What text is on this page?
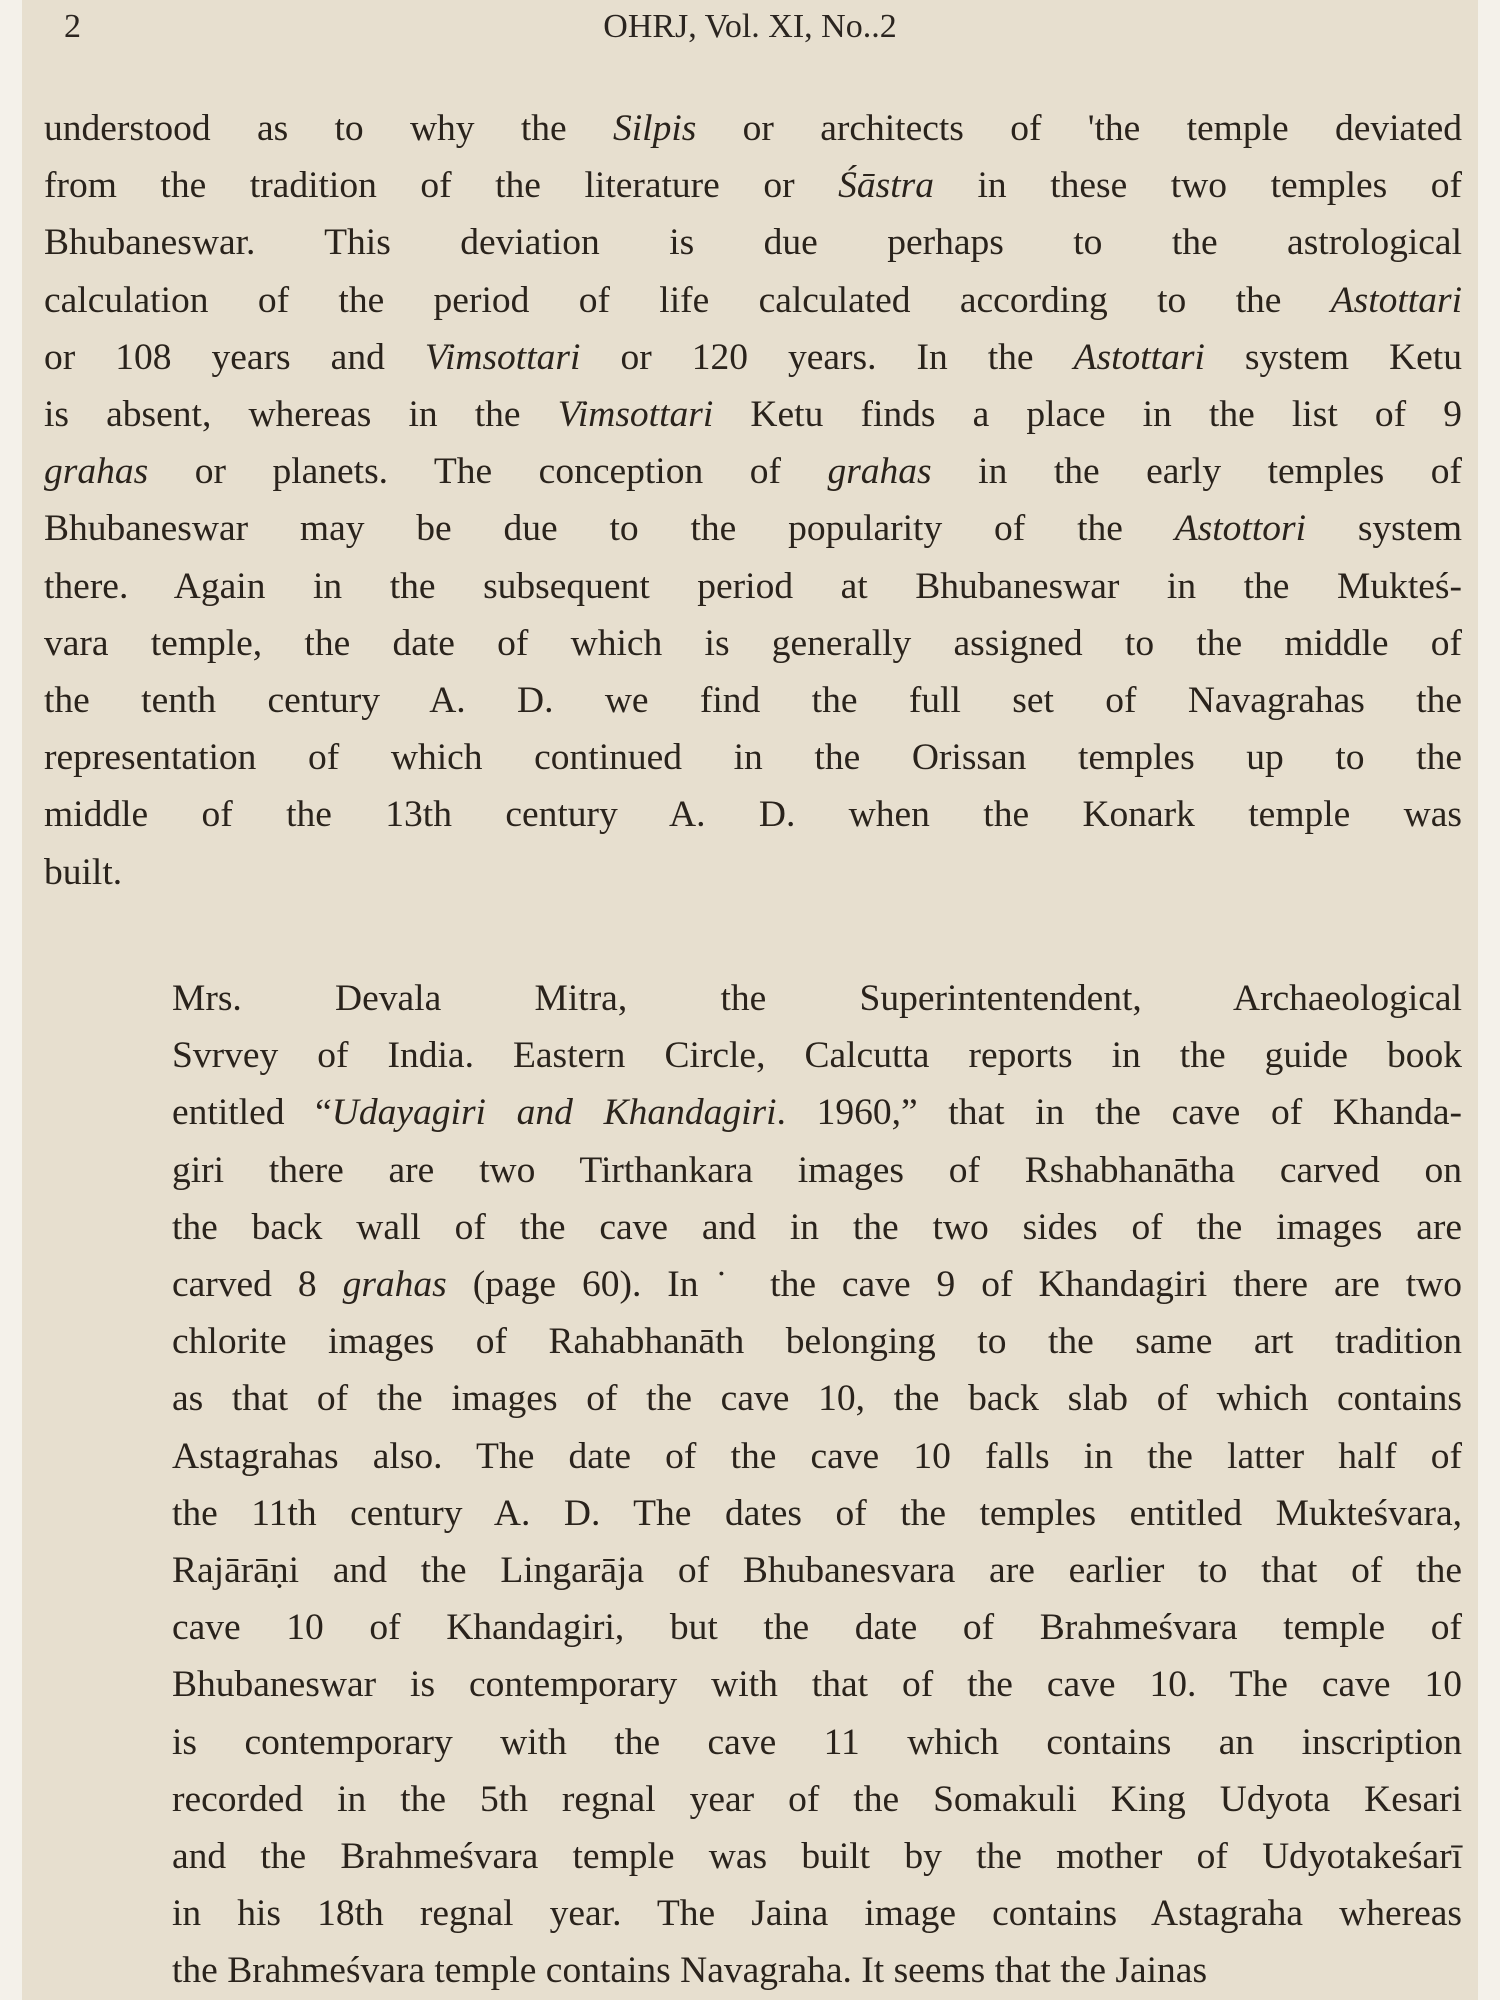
2	OHRJ, Vol. XI, No..2
understood as to why the Silpis or architects of 'the temple deviated
from the tradition of the literature or Śāstra in these two temples of
Bhubaneswar. This deviation is due perhaps to the astrological
calculation of the period of life calculated according to the Astottari
or 108 years and Vimsottari or 120 years. In the Astottari system Ketu
is absent, whereas in the Vimsottari Ketu finds a place in the list of 9
grahas or planets. The conception of grahas in the early temples of
Bhubaneswar may be due to the popularity of the Astottori system
there. Again in the subsequent period at Bhubaneswar in the Mukteś-
vara temple, the date of which is generally assigned to the middle of
the tenth century A. D. we find the full set of Navagrahas the
representation of which continued in the Orissan temples up to the
middle of the 13th century A. D. when the Konark temple was
built.
Mrs. Devala Mitra, the Superintentendent, Archaeological
Svrvey of India. Eastern Circle, Calcutta reports in the guide book
entitled “Udayagiri and Khandagiri. 1960,” that in the cave of Khanda-
giri there are two Tirthankara images of Rshabhanātha carved on
the back wall of the cave and in the two sides of the images are
carved 8 grahas (page 60). In˙ the cave 9 of Khandagiri there are two
chlorite images of Rahabhanāth belonging to the same art tradition
as that of the images of the cave 10, the back slab of which contains
Astagrahas also. The date of the cave 10 falls in the latter half of
the 11th century A. D. The dates of the temples entitled Mukteśvara,
Rajārāṇi and the Lingarāja of Bhubanesvara are earlier to that of the
cave 10 of Khandagiri, but the date of Brahmeśvara temple of
Bhubaneswar is contemporary with that of the cave 10. The cave 10
is contemporary with the cave 11 which contains an inscription
recorded in the 5th regnal year of the Somakuli King Udyota Kesari
and the Brahmeśvara temple was built by the mother of Udyotakeśarī
in his 18th regnal year. The Jaina image contains Astagraha whereas
the Brahmeśvara temple contains Navagraha. It seems that the Jainas
